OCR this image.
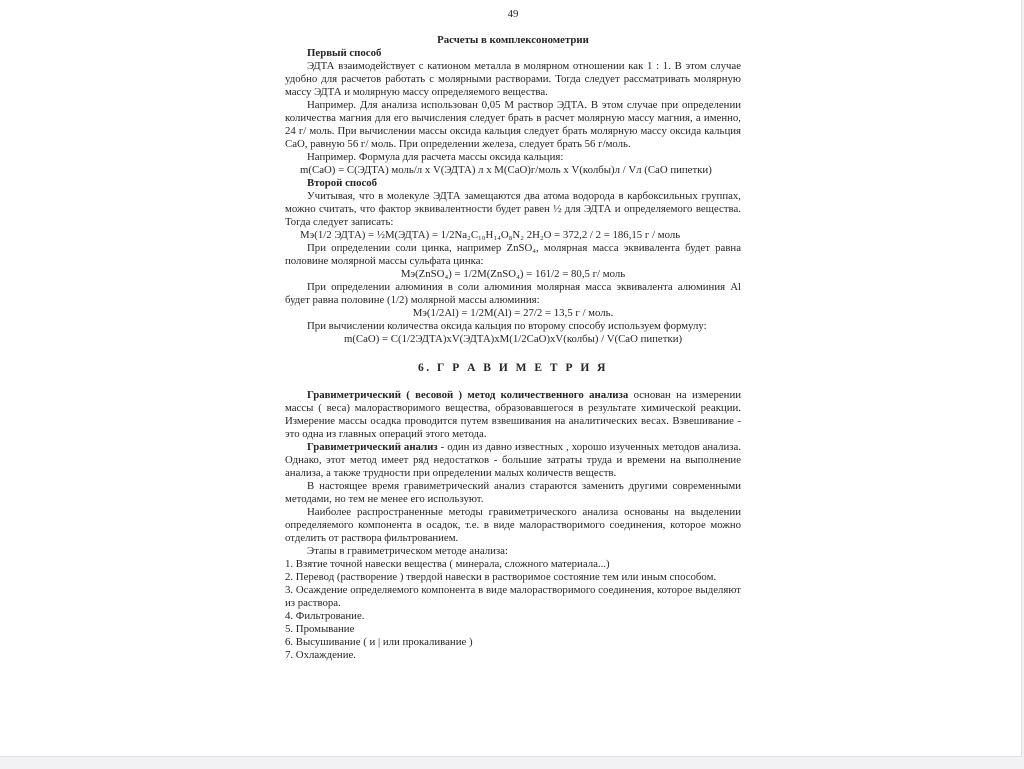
49

Расчеты в комплексонометрии

Первый способ

ЭДТА взаимодействует с катионом металла в молярном отношении как 1 : 1. В этом случае удобно для расчетов работать с молярными растворами. Тогда следует рассматривать молярную массу ЭДТА и молярную массу определяемого вещества.

Например. Для анализа использован 0,05 М раствор ЭДТА. В этом случае при определении количества магния для его вычисления следует брать в расчет молярную массу магния, а именно, 24 г/ моль. При вычислении массы оксида кальция следует брать молярную массу оксида кальция СаО, равную 56 г/ моль. При определении железа, следует брать 56 г/моль.

Например. Формула для расчета массы оксида кальция:

m(CaO) = С(ЭДТА) моль/л х V(ЭДТА) л х М(СаО)г/моль х V(колбы)л / Vл (СаО пипетки)

Второй способ

Учитывая, что в молекуле ЭДТА замещаются два атома водорода в карбоксильных группах, можно считать, что фактор эквивалентности будет равен ½ для ЭДТА и определяемого вещества. Тогда следует записать:

Мэ(1/2 ЭДТА) = ½М(ЭДТА) = 1/2Na₂C₁₀H₁₄O₈N₂ 2H₂O = 372,2 / 2 = 186,15 г / моль

При определении соли цинка, например ZnSO₄, молярная масса эквивалента будет равна половине молярной массы сульфата цинка:

Мэ(ZnSO₄) = 1/2M(ZnSO₄) = 161/2 = 80,5 г/ моль

При определении алюминия в соли алюминия молярная масса эквивалента алюминия Al будет равна половине (1/2) молярной массы алюминия:

Мэ(1/2Al) = 1/2M(Al) = 27/2 = 13,5 г / моль.

При вычислении количества оксида кальция по второму способу используем формулу:

m(CaO) = C(1/2ЭДТА)хV(ЭДТА)хМ(1/2CaO)хV(колбы) / V(CaO пипетки)

6. Г Р А В И М Е Т Р И Я

Гравиметрический ( весовой ) метод количественного анализа основан на измерении массы ( веса) малорастворимого вещества, образовавшегося в результате химической реакции. Измерение массы осадка проводится путем взвешивания на аналитических весах. Взвешивание - это одна из главных операций этого метода.

Гравиметрический анализ - один из давно известных , хорошо изученных методов анализа. Однако, этот метод имеет ряд недостатков - большие затраты труда и времени на выполнение анализа, а также трудности при определении малых количеств веществ.

В настоящее время гравиметрический анализ стараются заменить другими современными методами, но тем не менее его используют.

Наиболее распространенные методы гравиметрического анализа основаны на выделении определяемого компонента в осадок, т.е. в виде малорастворимого соединения, которое можно отделить от раствора фильтрованием.

Этапы в гравиметрическом методе анализа:

1. Взятие точной навески вещества ( минерала, сложного материала...)
2. Перевод (растворение ) твердой навески в растворимое состояние тем или иным способом.
3. Осаждение определяемого компонента в виде малорастворимого соединения, которое выделяют из раствора.
4. Фильтрование.
5. Промывание
6. Высушивание ( и | или прокаливание )
7. Охлаждение.
